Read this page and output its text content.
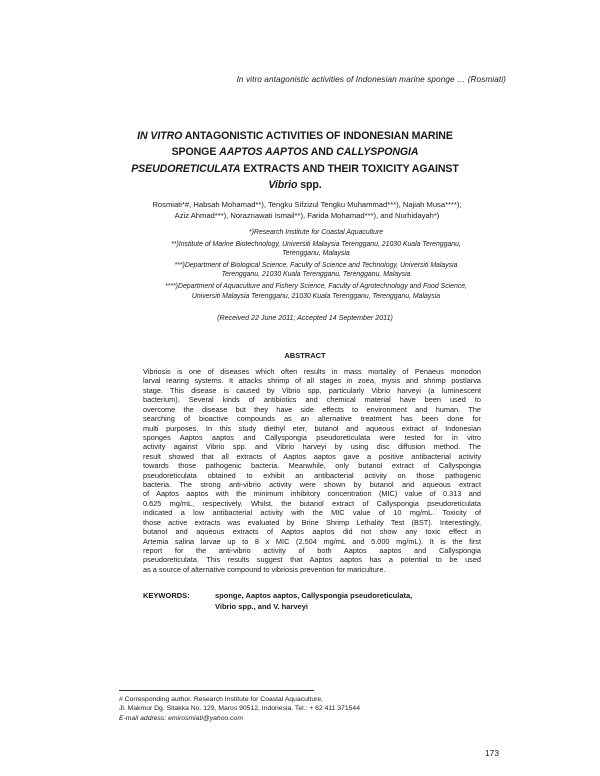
In vitro antagonistic activities of Indonesian marine sponge … (Rosmiati)
IN VITRO ANTAGONISTIC ACTIVITIES OF INDONESIAN MARINE
SPONGE AAPTOS AAPTOS AND CALLYSPONGIA
PSEUDORETICULATA EXTRACTS AND THEIR TOXICITY AGAINST
Vibrio spp.
Rosmiati*#, Habsah Mohamad**), Tengku Sifzizul Tengku Muhammad***), Najiah Musa****),
Aziz Ahmad***), Noraznawati Ismail**), Farida Mohamad***), and Nurhidayah*)
*)Research Institute for Coastal Aquaculture
**)Institute of Marine Biotechnology, Universiti Malaysia Terengganu, 21030 Kuala Terengganu,
Terengganu, Malaysia
***)Department of Biological Science, Faculty of Science and Technology, Universiti Malaysia
Terengganu, 21030 Kuala Terengganu, Terengganu, Malaysia
****)Department of Aquaculture and Fishery Science, Faculty of Agrotechnology and Food Science,
Universiti Malaysia Terengganu, 21030 Kuala Terengganu, Terengganu, Malaysia
(Received 22 June 2011; Accepted 14 September 2011)
ABSTRACT
Vibriosis is one of diseases which often results in mass mortality of Penaeus monodon
larval rearing systems. It attacks shrimp of all stages in zoea, mysis and shrimp postlarva
stage. This disease is caused by Vibrio spp, particularly Vibrio harveyi (a luminescent
bacterium). Several kinds of antibiotics and chemical material have been used to
overcome the disease but they have side effects to environment and human. The
searching of bioactive compounds as an alternative treatment has been done for
multi purposes. In this study diethyl eter, butanol and aqueous extract of Indonesian
sponges Aaptos aaptos and Callyspongia pseudoreticulata were tested for in vitro
activity against Vibrio spp. and Vibrio harveyi by using disc diffusion method. The
result showed that all extracts of Aaptos aaptos gave a positive antibacterial activity
towards those pathogenic bacteria. Meanwhile, only butanol extract of Callyspongia
pseudoreticulata obtained to exhibit an antibacterial activity on those pathogenic
bacteria. The strong anti-vibrio activity were shown by butanol and aqueous extract
of Aaptos aaptos with the minimum inhibitory concentration (MIC) value of 0.313 and
0.625 mg/mL, respectively. Whilst, the butanol extract of Callyspongia pseudoreticulata
indicated a low antibacterial activity with the MIC value of 10 mg/mL. Toxicity of
those active extracts was evaluated by Brine Shrimp Lethality Test (BST). Interestingly,
butanol and aqueous extracts of Aaptos aaptos did not show any toxic effect in
Artemia salina larvae up to 8 x MIC (2.504 mg/mL and 5.000 mg/mL). It is the first
report for the anti-vibrio activity of both Aaptos aaptos and Callyspongia
pseudoreticulata. This results suggest that Aaptos aaptos has a potential to be used
as a source of alternative compound to vibriosis prevention for mariculture.
KEYWORDS:	sponge, Aaptos aaptos, Callyspongia pseudoreticulata,
Vibrio spp., and V. harveyi
# Corresponding author. Research Institute for Coastal Aquaculture,
Jl. Makmur Dg. Sitakka No. 129, Maros 90512, Indonesia. Tel.: + 62 411 371544
E-mail address: emirosmiati@yahoo.com
173
